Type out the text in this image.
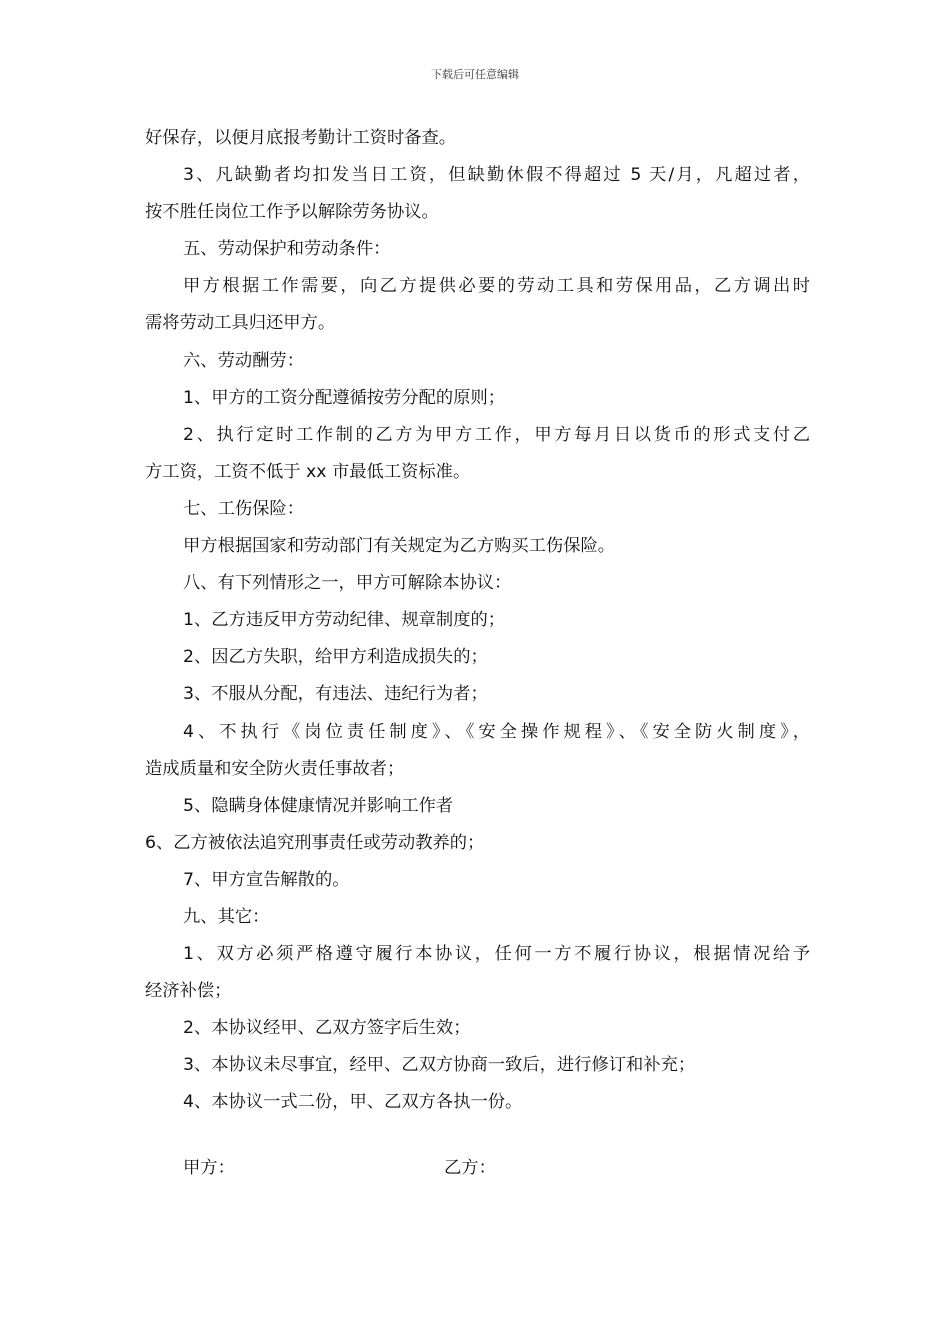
下载后可任意编辑
好保存，以便月底报考勤计工资时备查。
3、凡缺勤者均扣发当日工资，但缺勤休假不得超过 5 天/月，凡超过者，
按不胜任岗位工作予以解除劳务协议。
五、劳动保护和劳动条件：
甲方根据工作需要，向乙方提供必要的劳动工具和劳保用品，乙方调出时
需将劳动工具归还甲方。
六、劳动酬劳：
1、甲方的工资分配遵循按劳分配的原则；
2、执行定时工作制的乙方为甲方工作，甲方每月日以货币的形式支付乙
方工资，工资不低于 xx 市最低工资标准。
七、工伤保险：
甲方根据国家和劳动部门有关规定为乙方购买工伤保险。
八、有下列情形之一，甲方可解除本协议：
1、乙方违反甲方劳动纪律、规章制度的；
2、因乙方失职，给甲方利造成损失的；
3、不服从分配，有违法、违纪行为者；
4、不执行《岗位责任制度》、《安全操作规程》、《安全防火制度》，
造成质量和安全防火责任事故者；
5、隐瞒身体健康情况并影响工作者
6、乙方被依法追究刑事责任或劳动教养的；
7、甲方宣告解散的。
九、其它：
1、双方必须严格遵守履行本协议，任何一方不履行协议，根据情况给予
经济补偿；
2、本协议经甲、乙双方签字后生效；
3、本协议未尽事宜，经甲、乙双方协商一致后，进行修订和补充；
4、本协议一式二份，甲、乙双方各执一份。
甲方：	乙方：
